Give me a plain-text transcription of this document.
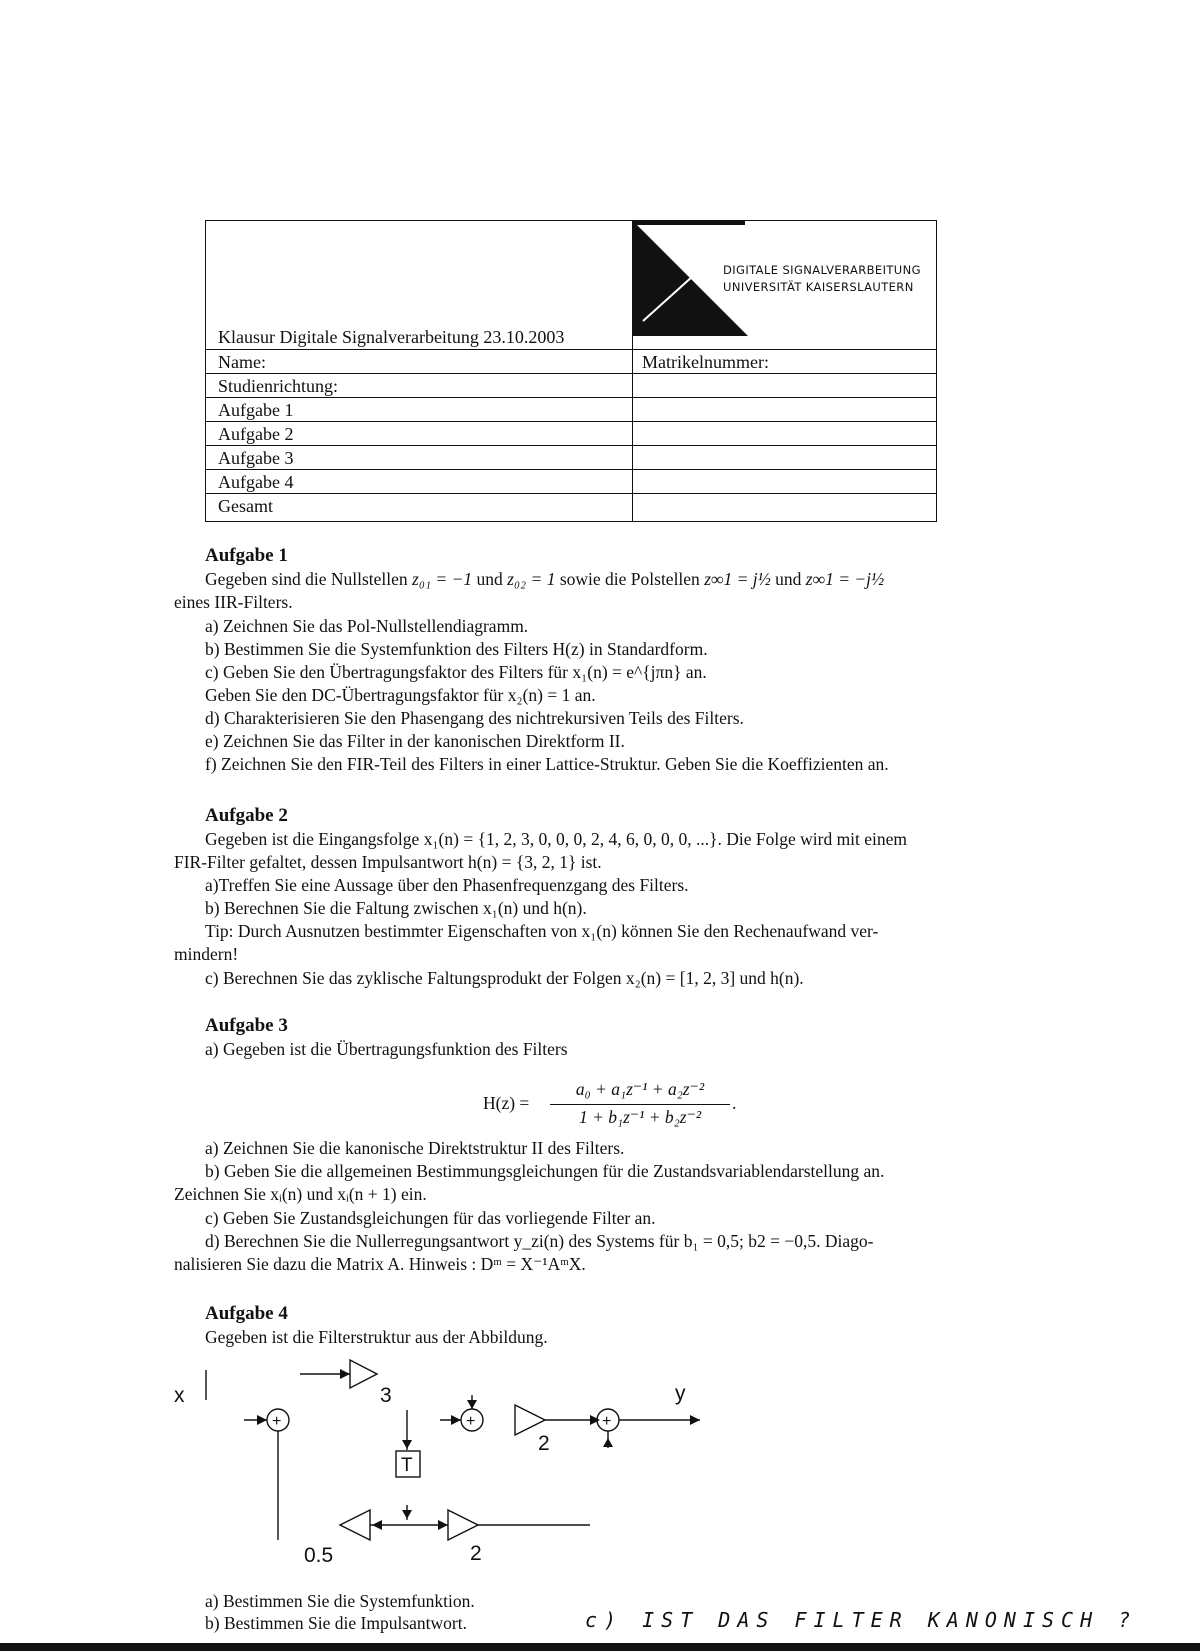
DIGITALE SIGNALVERARBEITUNG
UNIVERSITÄT KAISERSLAUTERN
Klausur Digitale Signalverarbeitung 23.10.2003
Name:	Matrikelnummer:
Studienrichtung:
Aufgabe 1
Aufgabe 2
Aufgabe 3
Aufgabe 4
Gesamt
Aufgabe 1
Gegeben sind die Nullstellen z₀₁ = −1 und z₀₂ = 1 sowie die Polstellen z∞1 = j½ und z∞1 = −j½
eines IIR-Filters.
a) Zeichnen Sie das Pol-Nullstellendiagramm.
b) Bestimmen Sie die Systemfunktion des Filters H(z) in Standardform.
c) Geben Sie den Übertragungsfaktor des Filters für x₁(n) = e^{jπn} an.
Geben Sie den DC-Übertragungsfaktor für x₂(n) = 1 an.
d) Charakterisieren Sie den Phasengang des nichtrekursiven Teils des Filters.
e) Zeichnen Sie das Filter in der kanonischen Direktform II.
f) Zeichnen Sie den FIR-Teil des Filters in einer Lattice-Struktur. Geben Sie die Koeffizienten an.
Aufgabe 2
Gegeben ist die Eingangsfolge x₁(n) = {1, 2, 3, 0, 0, 0, 2, 4, 6, 0, 0, 0, ...}. Die Folge wird mit einem
FIR-Filter gefaltet, dessen Impulsantwort h(n) = {3, 2, 1} ist.
a)Treffen Sie eine Aussage über den Phasenfrequenzgang des Filters.
b) Berechnen Sie die Faltung zwischen x₁(n) und h(n).
Tip: Durch Ausnutzen bestimmter Eigenschaften von x₁(n) können Sie den Rechenaufwand ver-
mindern!
c) Berechnen Sie das zyklische Faltungsprodukt der Folgen x₂(n) = [1, 2, 3] und h(n).
Aufgabe 3
a) Gegeben ist die Übertragungsfunktion des Filters
H(z) =
a₀ + a₁z⁻¹ + a₂z⁻²
1 + b₁z⁻¹ + b₂z⁻²
.
a) Zeichnen Sie die kanonische Direktstruktur II des Filters.
b) Geben Sie die allgemeinen Bestimmungsgleichungen für die Zustandsvariablendarstellung an.
Zeichnen Sie xᵢ(n) und xᵢ(n + 1) ein.
c) Geben Sie Zustandsgleichungen für das vorliegende Filter an.
d) Berechnen Sie die Nullerregungsantwort y_zi(n) des Systems für b₁ = 0,5; b2 = −0,5. Diago-
nalisieren Sie dazu die Matrix A. Hinweis : Dᵐ = X⁻¹AᵐX.
Aufgabe 4
Gegeben ist die Filterstruktur aus der Abbildung.
x	y
3
2
0.5	2
T
+	+	+
a) Bestimmen Sie die Systemfunktion.
b) Bestimmen Sie die Impulsantwort.	c) IST DAS FILTER KANONISCH ?
